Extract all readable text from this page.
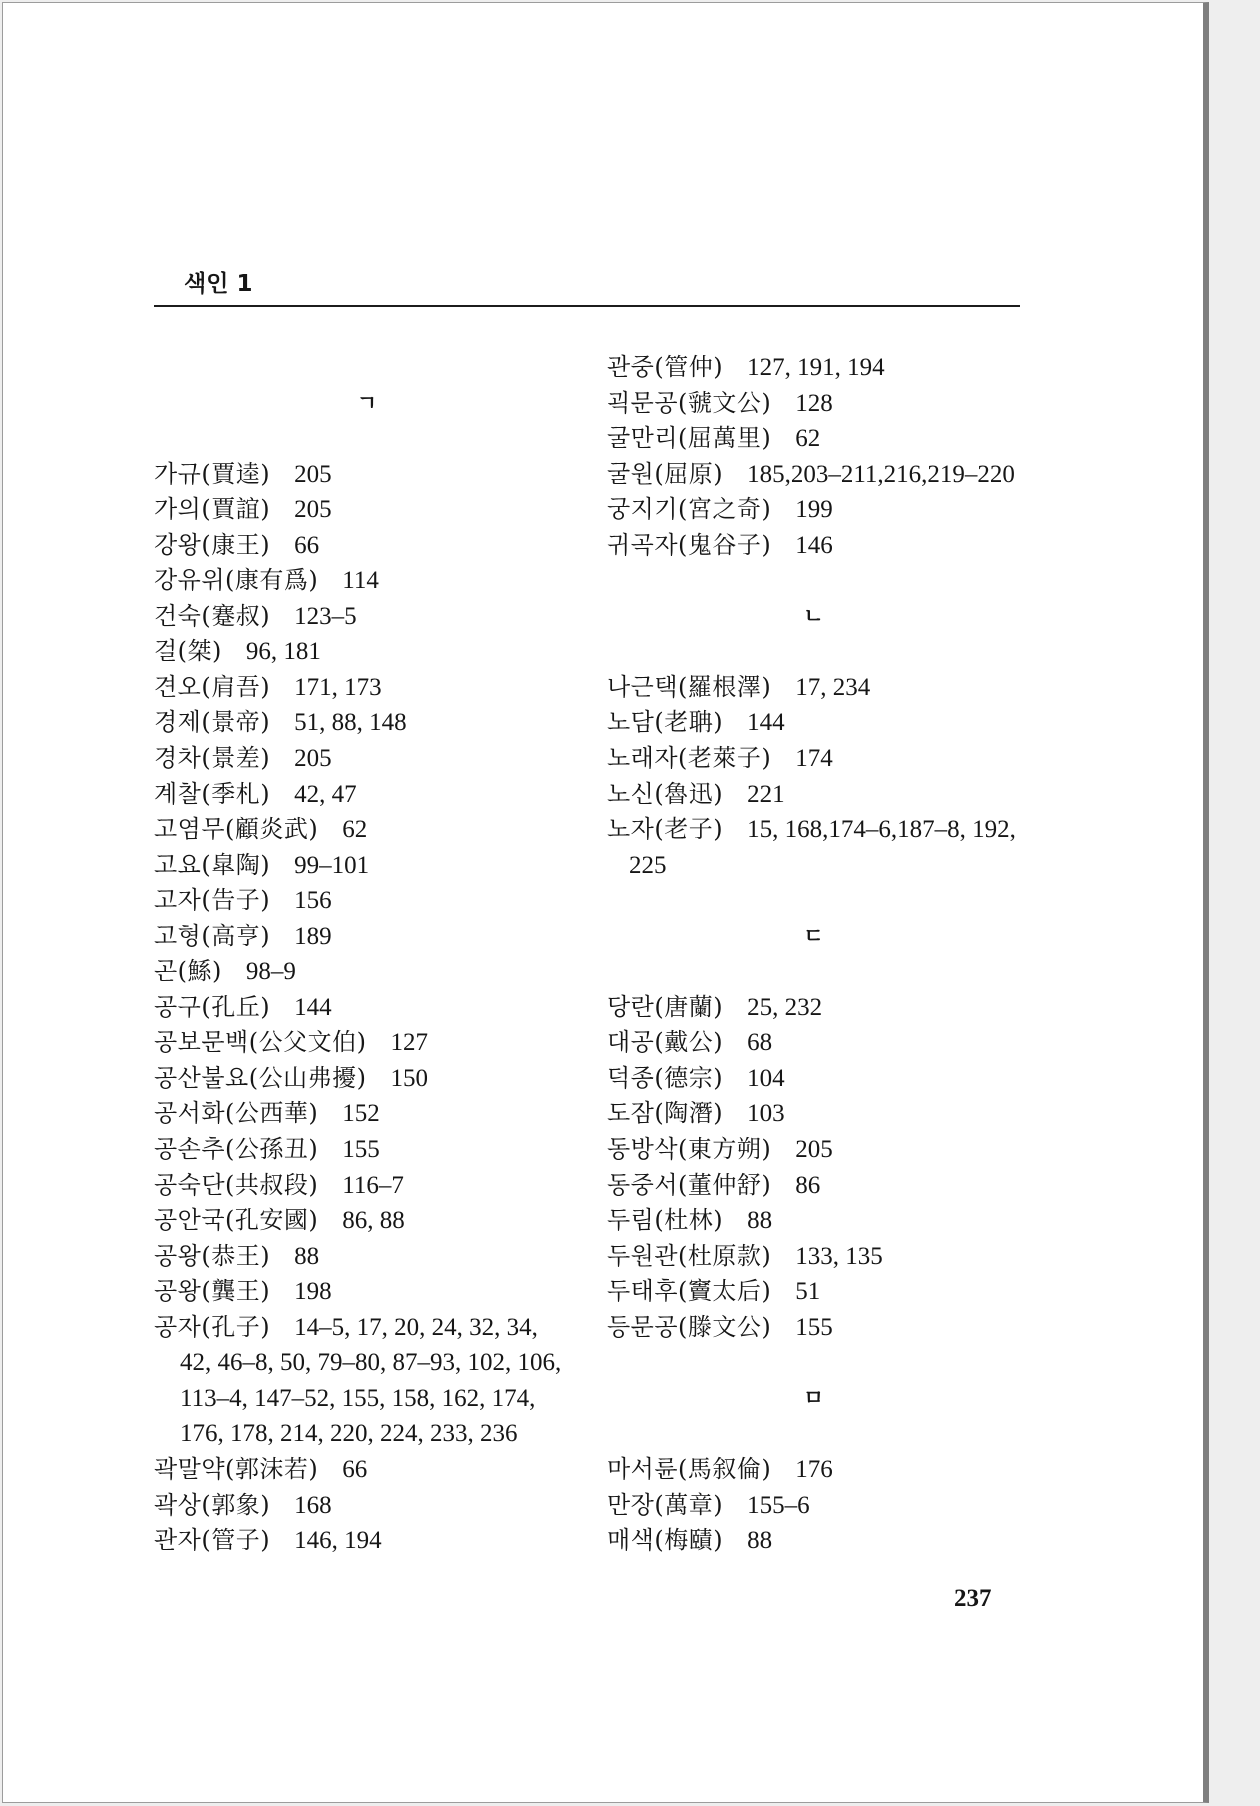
색인 1
ㄱ
가규(賈逵) 205
가의(賈誼) 205
강왕(康王) 66
강유위(康有爲) 114
건숙(蹇叔) 123–5
걸(桀) 96, 181
견오(肩吾) 171, 173
경제(景帝) 51, 88, 148
경차(景差) 205
계찰(季札) 42, 47
고염무(顧炎武) 62
고요(皐陶) 99–101
고자(告子) 156
고형(高亨) 189
곤(鯀) 98–9
공구(孔丘) 144
공보문백(公父文伯) 127
공산불요(公山弗擾) 150
공서화(公西華) 152
공손추(公孫丑) 155
공숙단(共叔段) 116–7
공안국(孔安國) 86, 88
공왕(恭王) 88
공왕(龔王) 198
공자(孔子) 14–5, 17, 20, 24, 32, 34,
42, 46–8, 50, 79–80, 87–93, 102, 106,
113–4, 147–52, 155, 158, 162, 174,
176, 178, 214, 220, 224, 233, 236
곽말약(郭沫若) 66
곽상(郭象) 168
관자(管子) 146, 194
관중(管仲) 127, 191, 194
괵문공(虢文公) 128
굴만리(屈萬里) 62
굴원(屈原) 185,203–211,216,219–220
궁지기(宮之奇) 199
귀곡자(鬼谷子) 146
ㄴ
나근택(羅根澤) 17, 234
노담(老聃) 144
노래자(老萊子) 174
노신(魯迅) 221
노자(老子) 15, 168,174–6,187–8, 192,
225
ㄷ
당란(唐蘭) 25, 232
대공(戴公) 68
덕종(德宗) 104
도잠(陶潛) 103
동방삭(東方朔) 205
동중서(董仲舒) 86
두림(杜林) 88
두원관(杜原款) 133, 135
두태후(竇太后) 51
등문공(滕文公) 155
ㅁ
마서륜(馬叙倫) 176
만장(萬章) 155–6
매색(梅賾) 88
237
